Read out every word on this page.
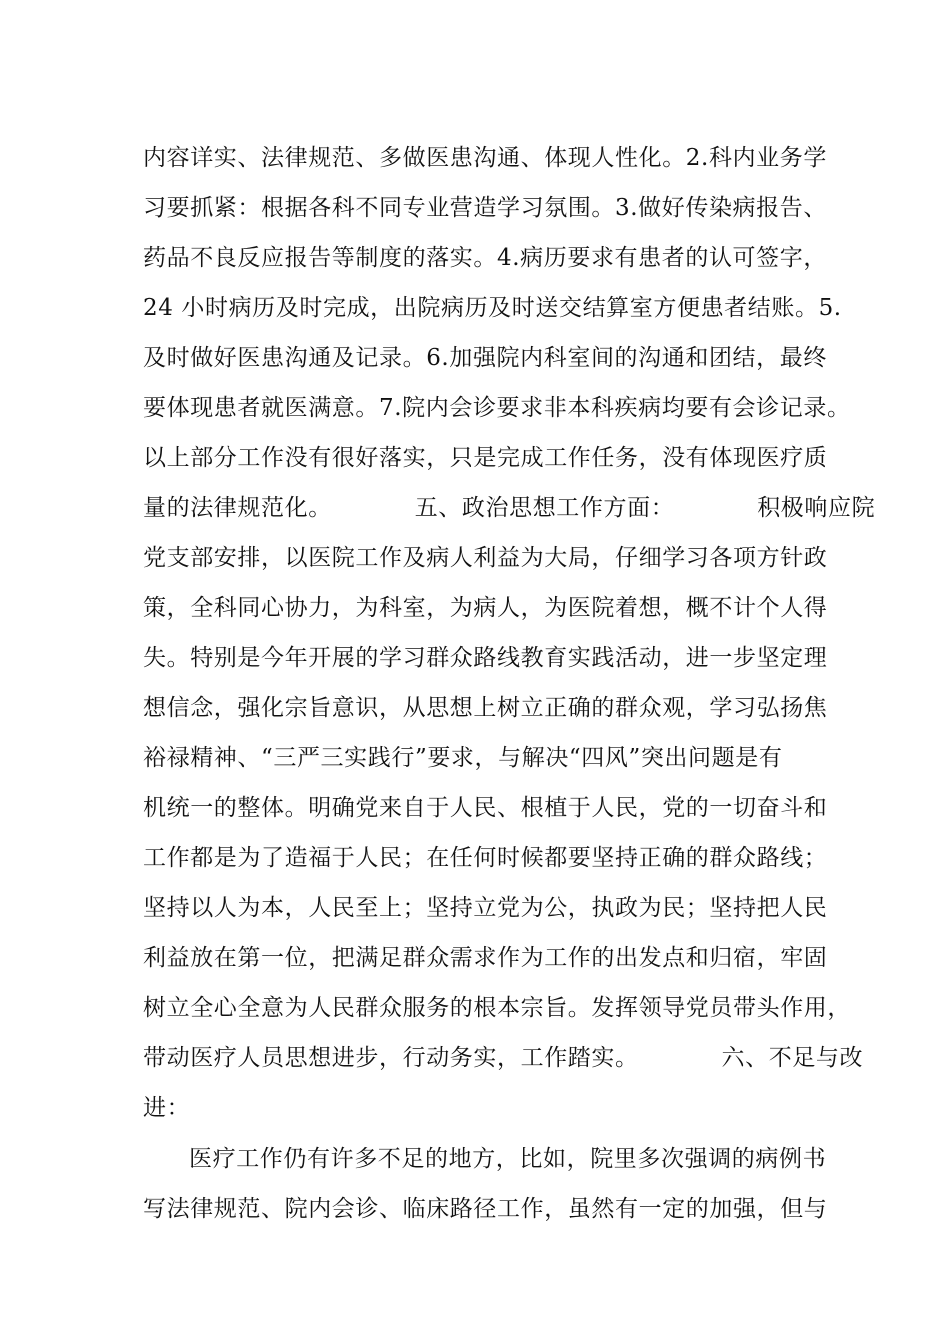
内容详实、法律规范、多做医患沟通、体现人性化。2.科内业务学
习要抓紧：根据各科不同专业营造学习氛围。3.做好传染病报告、
药品不良反应报告等制度的落实。4.病历要求有患者的认可签字，
24 小时病历及时完成，出院病历及时送交结算室方便患者结账。5.
及时做好医患沟通及记录。6.加强院内科室间的沟通和团结，最终
要体现患者就医满意。7.院内会诊要求非本科疾病均要有会诊记录。
以上部分工作没有很好落实，只是完成工作任务，没有体现医疗质
量的法律规范化。　　　　五、政治思想工作方面：　　　　积极响应院
党支部安排，以医院工作及病人利益为大局，仔细学习各项方针政
策，全科同心协力，为科室，为病人，为医院着想，概不计个人得
失。特别是今年开展的学习群众路线教育实践活动，进一步坚定理
想信念，强化宗旨意识，从思想上树立正确的群众观，学习弘扬焦
裕禄精神、“三严三实践行”要求，与解决“四风”突出问题是有
机统一的整体。明确党来自于人民、根植于人民，党的一切奋斗和
工作都是为了造福于人民；在任何时候都要坚持正确的群众路线；
坚持以人为本，人民至上；坚持立党为公，执政为民；坚持把人民
利益放在第一位，把满足群众需求作为工作的出发点和归宿，牢固
树立全心全意为人民群众服务的根本宗旨。发挥领导党员带头作用，
带动医疗人员思想进步，行动务实，工作踏实。　　　　六、不足与改
进：
医疗工作仍有许多不足的地方，比如，院里多次强调的病例书
写法律规范、院内会诊、临床路径工作，虽然有一定的加强，但与
